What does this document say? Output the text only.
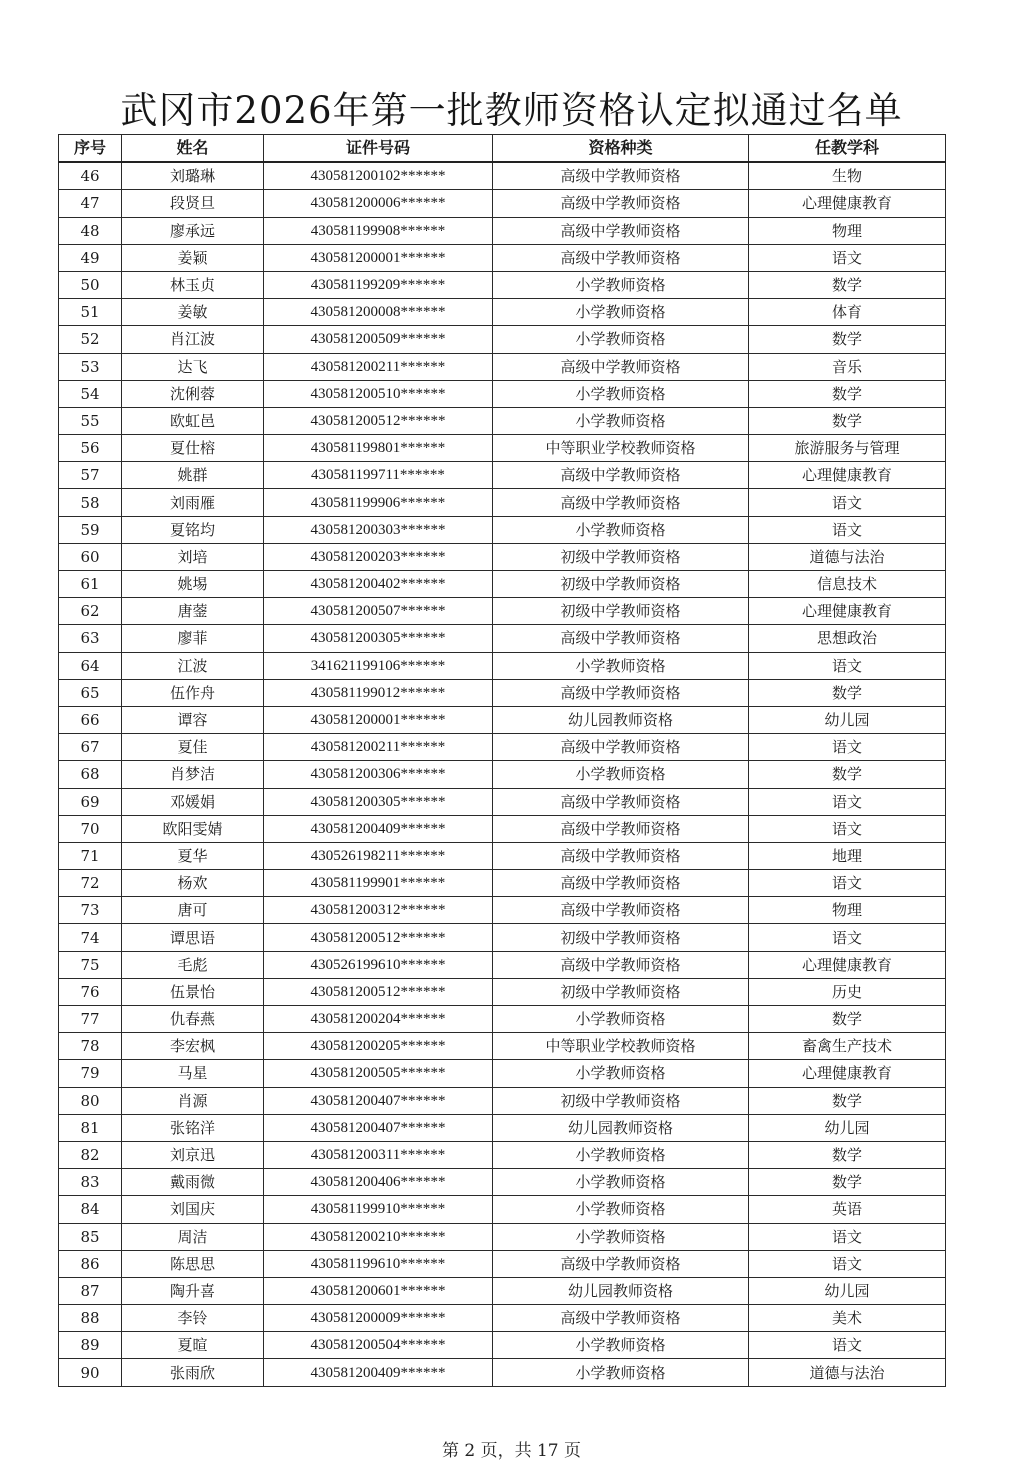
武冈市2026年第一批教师资格认定拟通过名单
序号	姓名	证件号码	资格种类	任教学科
46	刘璐琳	430581200102******	高级中学教师资格	生物
47	段贤旦	430581200006******	高级中学教师资格	心理健康教育
48	廖承远	430581199908******	高级中学教师资格	物理
49	姜颖	430581200001******	高级中学教师资格	语文
50	林玉贞	430581199209******	小学教师资格	数学
51	姜敏	430581200008******	小学教师资格	体育
52	肖江波	430581200509******	小学教师资格	数学
53	达飞	430581200211******	高级中学教师资格	音乐
54	沈俐蓉	430581200510******	小学教师资格	数学
55	欧虹邑	430581200512******	小学教师资格	数学
56	夏仕榕	430581199801******	中等职业学校教师资格	旅游服务与管理
57	姚群	430581199711******	高级中学教师资格	心理健康教育
58	刘雨雁	430581199906******	高级中学教师资格	语文
59	夏铭均	430581200303******	小学教师资格	语文
60	刘培	430581200203******	初级中学教师资格	道德与法治
61	姚埸	430581200402******	初级中学教师资格	信息技术
62	唐蓥	430581200507******	初级中学教师资格	心理健康教育
63	廖菲	430581200305******	高级中学教师资格	思想政治
64	江波	341621199106******	小学教师资格	语文
65	伍作舟	430581199012******	高级中学教师资格	数学
66	谭容	430581200001******	幼儿园教师资格	幼儿园
67	夏佳	430581200211******	高级中学教师资格	语文
68	肖梦洁	430581200306******	小学教师资格	数学
69	邓媛娟	430581200305******	高级中学教师资格	语文
70	欧阳雯婧	430581200409******	高级中学教师资格	语文
71	夏华	430526198211******	高级中学教师资格	地理
72	杨欢	430581199901******	高级中学教师资格	语文
73	唐可	430581200312******	高级中学教师资格	物理
74	谭思语	430581200512******	初级中学教师资格	语文
75	毛彪	430526199610******	高级中学教师资格	心理健康教育
76	伍景怡	430581200512******	初级中学教师资格	历史
77	仇春燕	430581200204******	小学教师资格	数学
78	李宏枫	430581200205******	中等职业学校教师资格	畜禽生产技术
79	马星	430581200505******	小学教师资格	心理健康教育
80	肖源	430581200407******	初级中学教师资格	数学
81	张铭洋	430581200407******	幼儿园教师资格	幼儿园
82	刘京迅	430581200311******	小学教师资格	数学
83	戴雨微	430581200406******	小学教师资格	数学
84	刘国庆	430581199910******	小学教师资格	英语
85	周洁	430581200210******	小学教师资格	语文
86	陈思思	430581199610******	高级中学教师资格	语文
87	陶升喜	430581200601******	幼儿园教师资格	幼儿园
88	李铃	430581200009******	高级中学教师资格	美术
89	夏暄	430581200504******	小学教师资格	语文
90	张雨欣	430581200409******	小学教师资格	道德与法治
第 2 页，共 17 页
